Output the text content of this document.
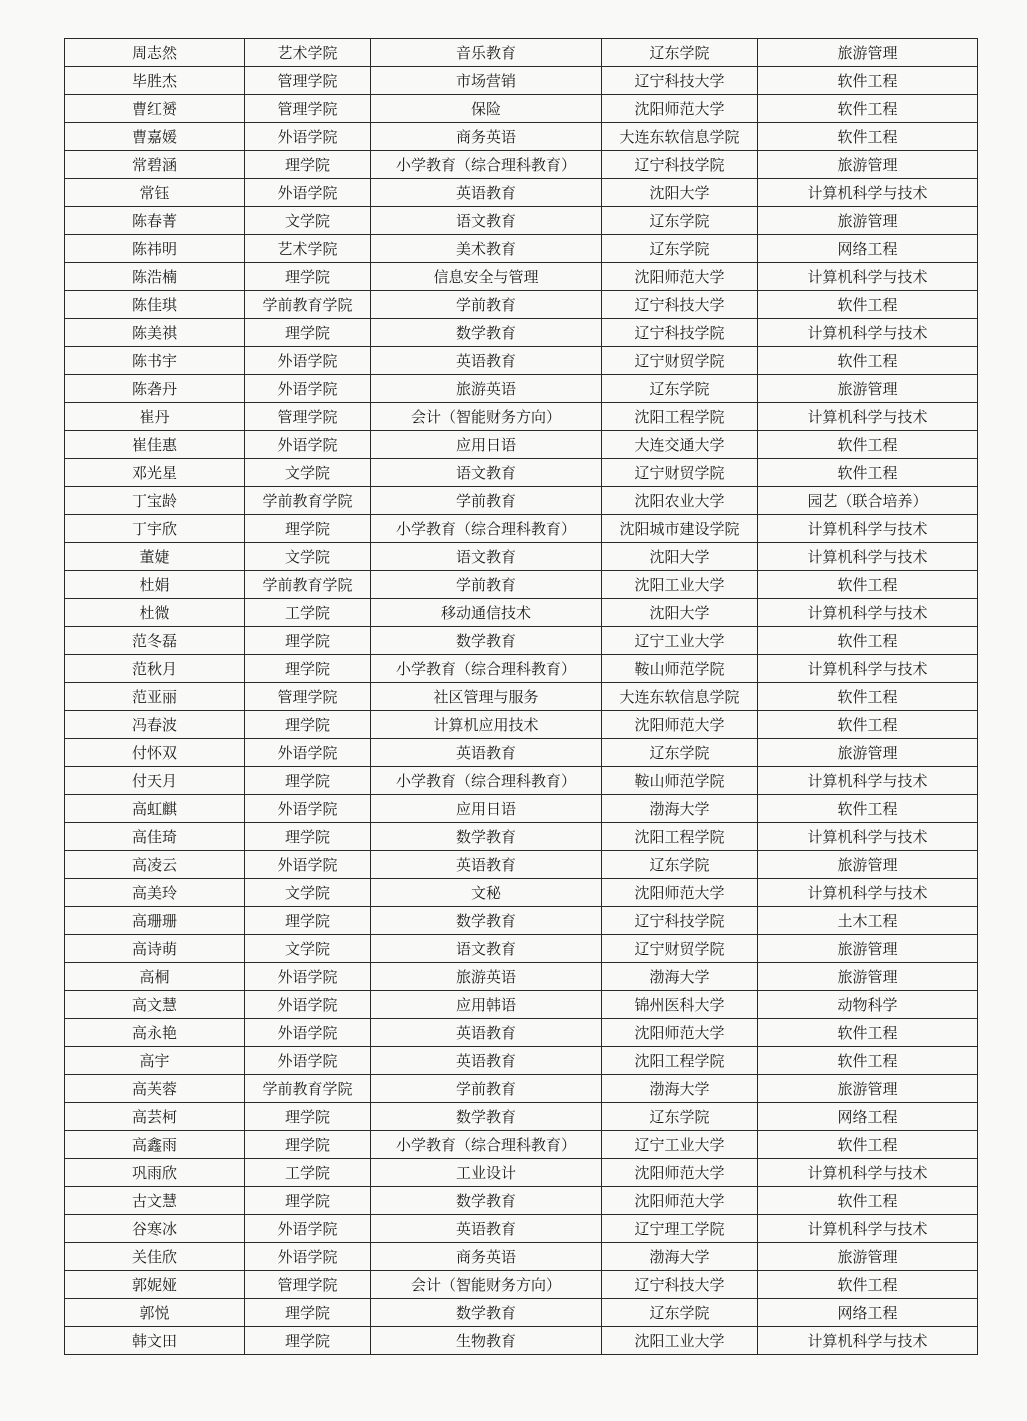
周志然	艺术学院	音乐教育	辽东学院	旅游管理
毕胜杰	管理学院	市场营销	辽宁科技大学	软件工程
曹红赟	管理学院	保险	沈阳师范大学	软件工程
曹嘉媛	外语学院	商务英语	大连东软信息学院	软件工程
常碧涵	理学院	小学教育（综合理科教育）	辽宁科技学院	旅游管理
常钰	外语学院	英语教育	沈阳大学	计算机科学与技术
陈春菁	文学院	语文教育	辽东学院	旅游管理
陈祎明	艺术学院	美术教育	辽东学院	网络工程
陈浩楠	理学院	信息安全与管理	沈阳师范大学	计算机科学与技术
陈佳琪	学前教育学院	学前教育	辽宁科技大学	软件工程
陈美祺	理学院	数学教育	辽宁科技学院	计算机科学与技术
陈书宇	外语学院	英语教育	辽宁财贸学院	软件工程
陈砻丹	外语学院	旅游英语	辽东学院	旅游管理
崔丹	管理学院	会计（智能财务方向）	沈阳工程学院	计算机科学与技术
崔佳惠	外语学院	应用日语	大连交通大学	软件工程
邓光星	文学院	语文教育	辽宁财贸学院	软件工程
丁宝龄	学前教育学院	学前教育	沈阳农业大学	园艺（联合培养）
丁宇欣	理学院	小学教育（综合理科教育）	沈阳城市建设学院	计算机科学与技术
董婕	文学院	语文教育	沈阳大学	计算机科学与技术
杜娟	学前教育学院	学前教育	沈阳工业大学	软件工程
杜微	工学院	移动通信技术	沈阳大学	计算机科学与技术
范冬磊	理学院	数学教育	辽宁工业大学	软件工程
范秋月	理学院	小学教育（综合理科教育）	鞍山师范学院	计算机科学与技术
范亚丽	管理学院	社区管理与服务	大连东软信息学院	软件工程
冯春波	理学院	计算机应用技术	沈阳师范大学	软件工程
付怀双	外语学院	英语教育	辽东学院	旅游管理
付天月	理学院	小学教育（综合理科教育）	鞍山师范学院	计算机科学与技术
高虹麒	外语学院	应用日语	渤海大学	软件工程
高佳琦	理学院	数学教育	沈阳工程学院	计算机科学与技术
高凌云	外语学院	英语教育	辽东学院	旅游管理
高美玲	文学院	文秘	沈阳师范大学	计算机科学与技术
高珊珊	理学院	数学教育	辽宁科技学院	土木工程
高诗萌	文学院	语文教育	辽宁财贸学院	旅游管理
高桐	外语学院	旅游英语	渤海大学	旅游管理
高文慧	外语学院	应用韩语	锦州医科大学	动物科学
高永艳	外语学院	英语教育	沈阳师范大学	软件工程
高宇	外语学院	英语教育	沈阳工程学院	软件工程
高芙蓉	学前教育学院	学前教育	渤海大学	旅游管理
高芸柯	理学院	数学教育	辽东学院	网络工程
高鑫雨	理学院	小学教育（综合理科教育）	辽宁工业大学	软件工程
巩雨欣	工学院	工业设计	沈阳师范大学	计算机科学与技术
古文慧	理学院	数学教育	沈阳师范大学	软件工程
谷寒冰	外语学院	英语教育	辽宁理工学院	计算机科学与技术
关佳欣	外语学院	商务英语	渤海大学	旅游管理
郭妮娅	管理学院	会计（智能财务方向）	辽宁科技大学	软件工程
郭悦	理学院	数学教育	辽东学院	网络工程
韩文田	理学院	生物教育	沈阳工业大学	计算机科学与技术
